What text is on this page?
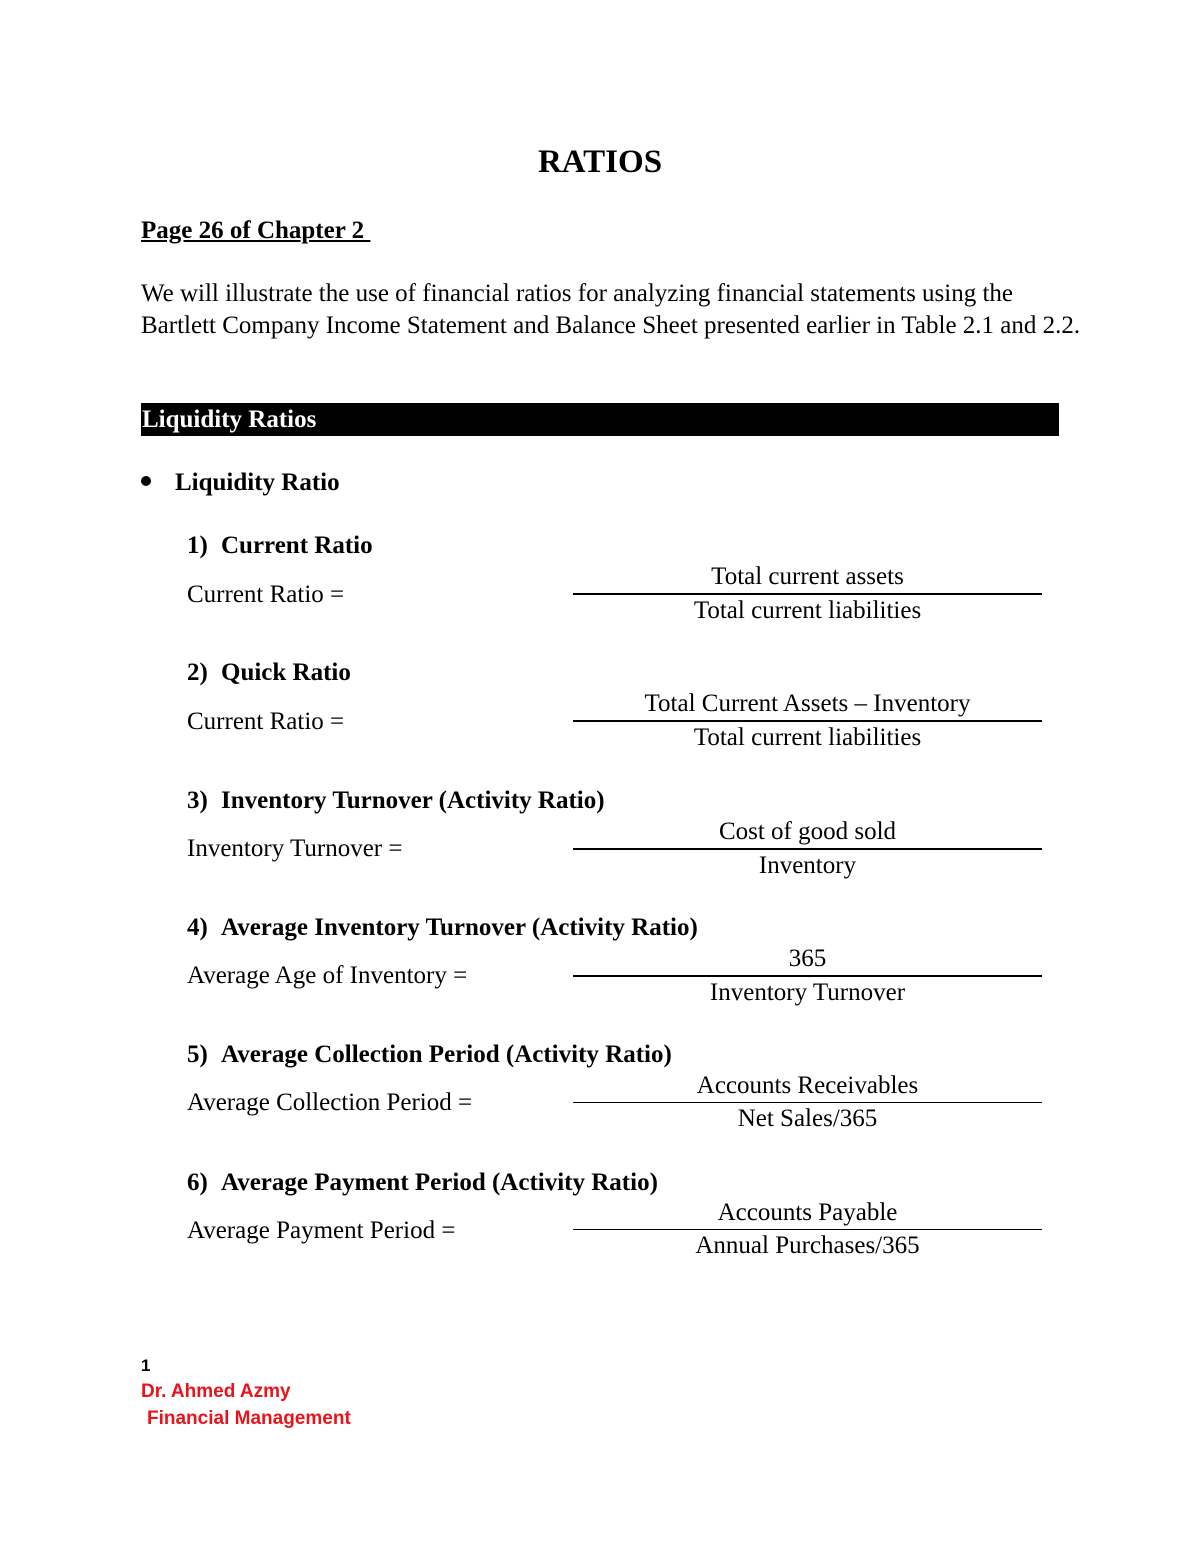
RATIOS
Page 26 of Chapter 2
We will illustrate the use of financial ratios for analyzing financial statements using the Bartlett Company Income Statement and Balance Sheet presented earlier in Table 2.1 and 2.2.
Liquidity Ratios
Liquidity Ratio
1) Current Ratio
Current Ratio =
Total current assets
Total current liabilities
2) Quick Ratio
Current Ratio =
Total Current Assets – Inventory
Total current liabilities
3) Inventory Turnover (Activity Ratio)
Inventory Turnover =
Cost of good sold
Inventory
4) Average Inventory Turnover (Activity Ratio)
Average Age of Inventory =
365
Inventory Turnover
5) Average Collection Period (Activity Ratio)
Average Collection Period =
Accounts Receivables
Net Sales/365
6) Average Payment Period (Activity Ratio)
Average Payment Period =
Accounts Payable
Annual Purchases/365
1
Dr. Ahmed Azmy
Financial Management
